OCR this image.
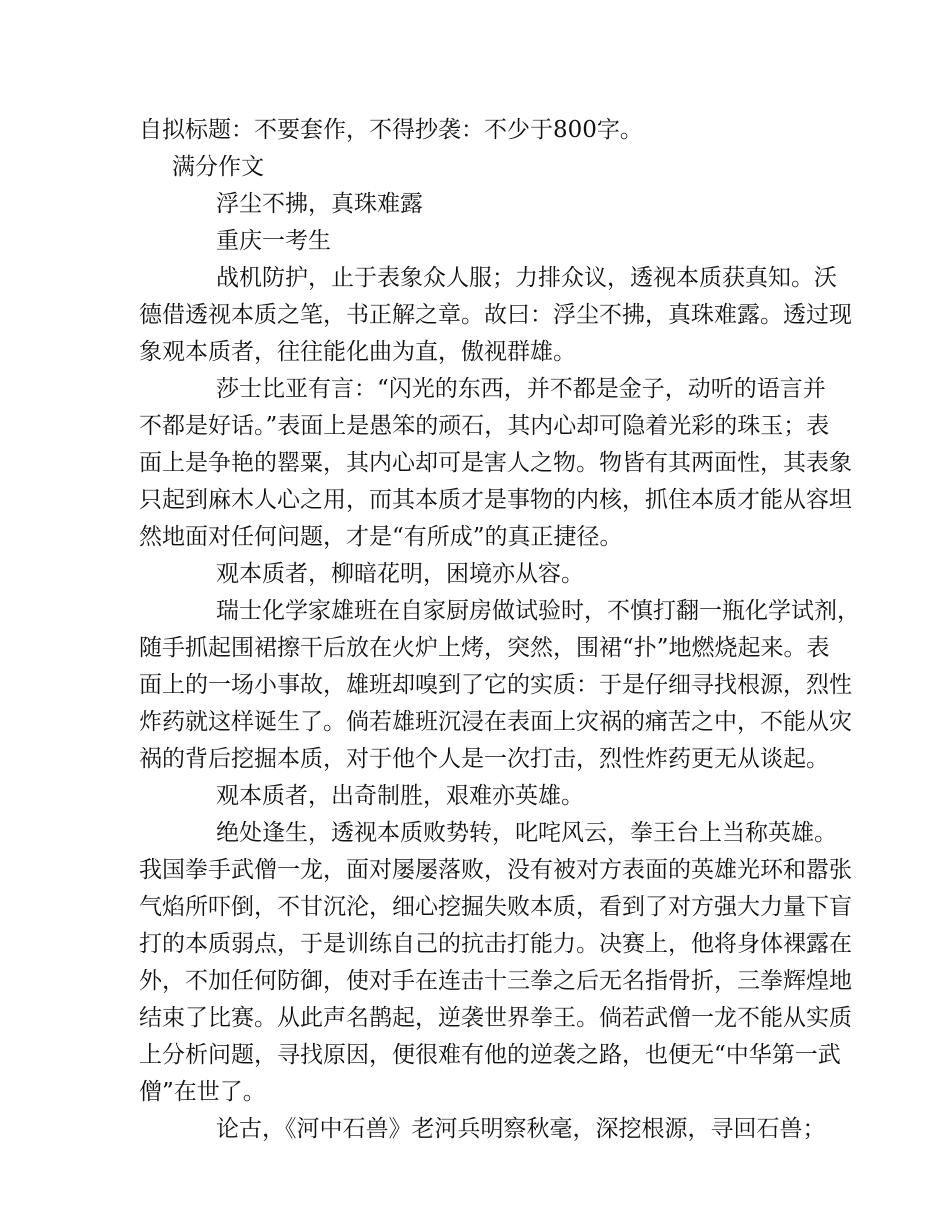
自拟标题：不要套作，不得抄袭：不少于800字。
满分作文
浮尘不拂，真珠难露
重庆一考生
战机防护，止于表象众人服；力排众议，透视本质获真知。沃
德借透视本质之笔，书正解之章。故曰：浮尘不拂，真珠难露。透过现
象观本质者，往往能化曲为直，傲视群雄。
莎士比亚有言：“闪光的东西，并不都是金子，动听的语言并
不都是好话。”表面上是愚笨的顽石，其内心却可隐着光彩的珠玉；表
面上是争艳的罂粟，其内心却可是害人之物。物皆有其两面性，其表象
只起到麻木人心之用，而其本质才是事物的内核，抓住本质才能从容坦
然地面对任何问题，才是“有所成”的真正捷径。
观本质者，柳暗花明，困境亦从容。
瑞士化学家雄班在自家厨房做试验时，不慎打翻一瓶化学试剂，
随手抓起围裙擦干后放在火炉上烤，突然，围裙“扑”地燃烧起来。表
面上的一场小事故，雄班却嗅到了它的实质：于是仔细寻找根源，烈性
炸药就这样诞生了。倘若雄班沉浸在表面上灾祸的痛苦之中，不能从灾
祸的背后挖掘本质，对于他个人是一次打击，烈性炸药更无从谈起。
观本质者，出奇制胜，艰难亦英雄。
绝处逢生，透视本质败势转，叱咤风云，拳王台上当称英雄。
我国拳手武僧一龙，面对屡屡落败，没有被对方表面的英雄光环和嚣张
气焰所吓倒，不甘沉沦，细心挖掘失败本质，看到了对方强大力量下盲
打的本质弱点，于是训练自己的抗击打能力。决赛上，他将身体裸露在
外，不加任何防御，使对手在连击十三拳之后无名指骨折，三拳辉煌地
结束了比赛。从此声名鹊起，逆袭世界拳王。倘若武僧一龙不能从实质
上分析问题，寻找原因，便很难有他的逆袭之路，也便无“中华第一武
僧”在世了。
论古，《河中石兽》老河兵明察秋毫，深挖根源，寻回石兽；
